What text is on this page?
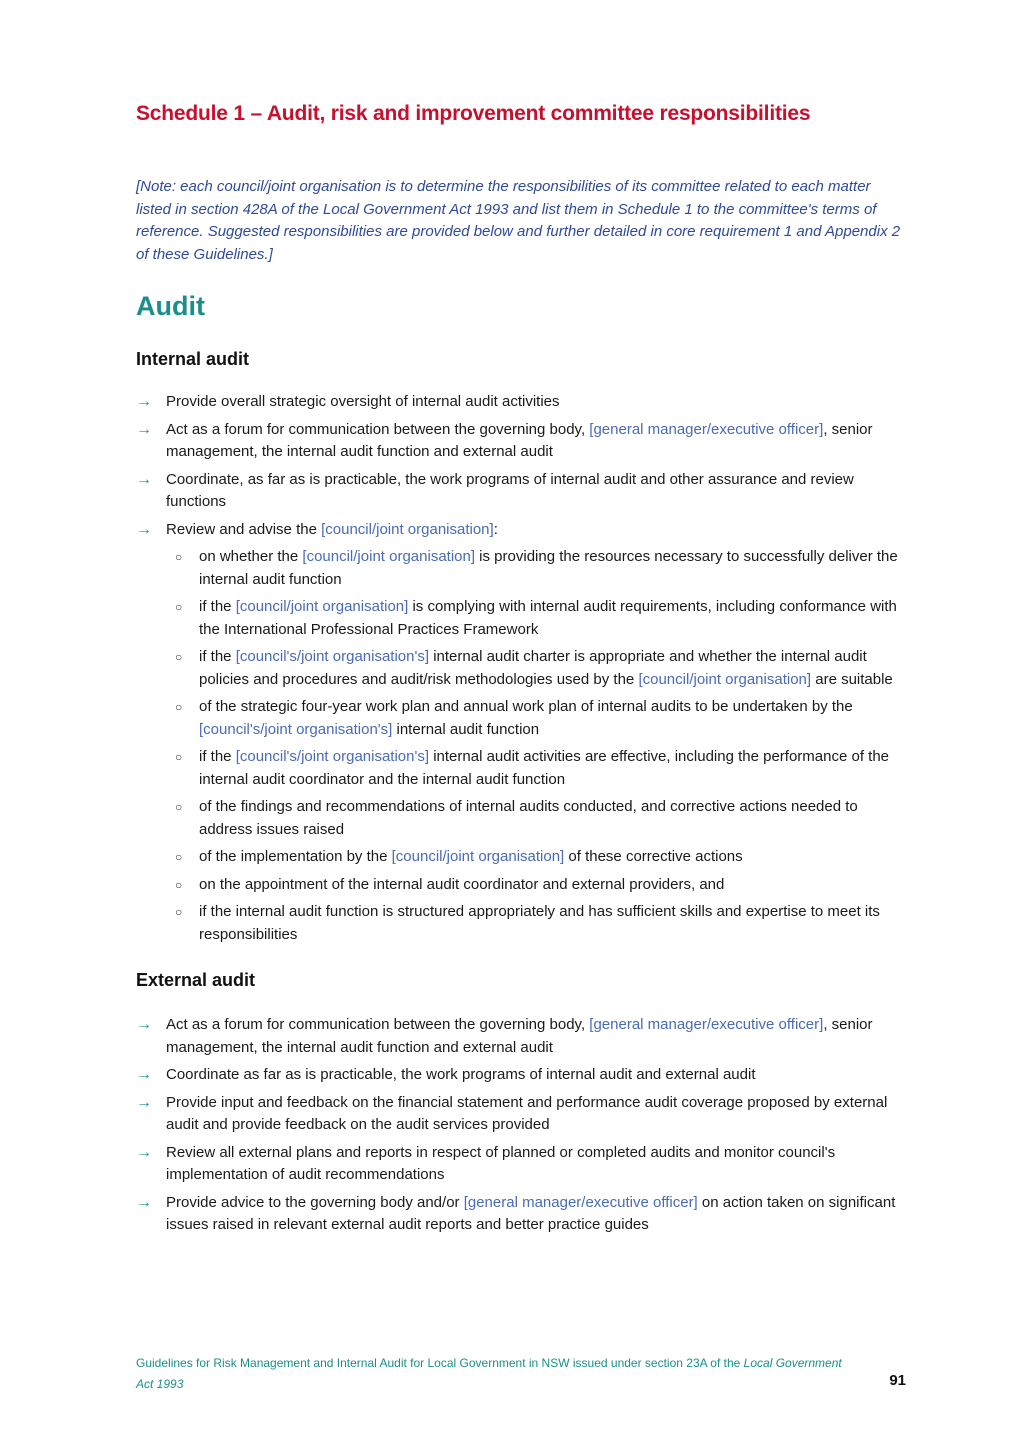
Schedule 1 – Audit, risk and improvement committee responsibilities

[Note: each council/joint organisation is to determine the responsibilities of its committee related to each matter listed in section 428A of the Local Government Act 1993 and list them in Schedule 1 to the committee's terms of reference. Suggested responsibilities are provided below and further detailed in core requirement 1 and Appendix 2 of these Guidelines.]

Audit
Internal audit
→ Provide overall strategic oversight of internal audit activities
→ Act as a forum for communication between the governing body, [general manager/executive officer], senior management, the internal audit function and external audit
→ Coordinate, as far as is practicable, the work programs of internal audit and other assurance and review functions
→ Review and advise the [council/joint organisation]:
○ on whether the [council/joint organisation] is providing the resources necessary to successfully deliver the internal audit function
○ if the [council/joint organisation] is complying with internal audit requirements, including conformance with the International Professional Practices Framework
○ if the [council's/joint organisation's] internal audit charter is appropriate and whether the internal audit policies and procedures and audit/risk methodologies used by the [council/joint organisation] are suitable
○ of the strategic four-year work plan and annual work plan of internal audits to be undertaken by the [council's/joint organisation's] internal audit function
○ if the [council's/joint organisation's] internal audit activities are effective, including the performance of the internal audit coordinator and the internal audit function
○ of the findings and recommendations of internal audits conducted, and corrective actions needed to address issues raised
○ of the implementation by the [council/joint organisation] of these corrective actions
○ on the appointment of the internal audit coordinator and external providers, and
○ if the internal audit function is structured appropriately and has sufficient skills and expertise to meet its responsibilities
External audit
→ Act as a forum for communication between the governing body, [general manager/executive officer], senior management, the internal audit function and external audit
→ Coordinate as far as is practicable, the work programs of internal audit and external audit
→ Provide input and feedback on the financial statement and performance audit coverage proposed by external audit and provide feedback on the audit services provided
→ Review all external plans and reports in respect of planned or completed audits and monitor council's implementation of audit recommendations
→ Provide advice to the governing body and/or [general manager/executive officer] on action taken on significant issues raised in relevant external audit reports and better practice guides
Guidelines for Risk Management and Internal Audit for Local Government in NSW issued under section 23A of the Local Government Act 1993	91
